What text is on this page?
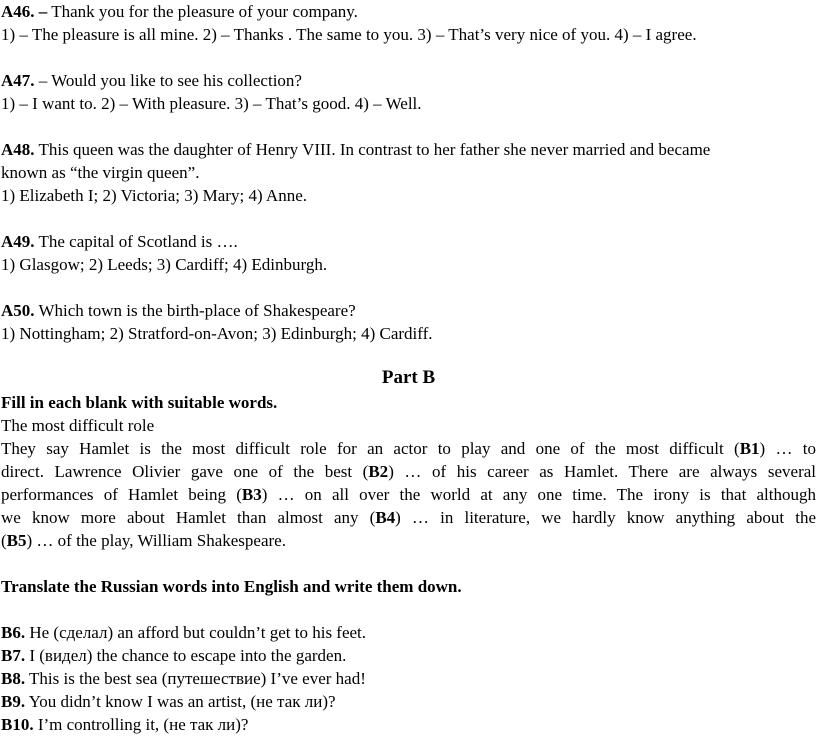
A46. – Thank you for the pleasure of your company.
1) – The pleasure is all mine. 2) – Thanks . The same to you. 3) – That’s very nice of you. 4) – I agree.
A47. – Would you like to see his collection?
1) – I want to. 2) – With pleasure. 3) – That’s good. 4) – Well.
A48. This queen was the daughter of Henry VIII. In contrast to her father she never married and became
known as “the virgin queen”.
1) Elizabeth I; 2) Victoria; 3) Mary; 4) Anne.
A49. The capital of Scotland is ….
1) Glasgow; 2) Leeds; 3) Cardiff; 4) Edinburgh.
A50. Which town is the birth-place of Shakespeare?
1) Nottingham; 2) Stratford-on-Avon; 3) Edinburgh; 4) Cardiff.
Part B
Fill in each blank with suitable words.
The most difficult role
They say Hamlet is the most difficult role for an actor to play and one of the most difficult (B1) … to
direct. Lawrence Olivier gave one of the best (B2) … of his career as Hamlet. There are always several
performances of Hamlet being (B3) … on all over the world at any one time. The irony is that although
we know more about Hamlet than almost any (B4) … in literature, we hardly know anything about the
(B5) … of the play, William Shakespeare.
Translate the Russian words into English and write them down.
B6. Не (сделал) an afford but couldn’t get to his feet.
B7. I (видел) the chance to escape into the garden.
B8. This is the best sea (путешествие) I’ve ever had!
B9. You didn’t know I was an artist, (не так ли)?
B10. I’m controlling it, (не так ли)?
